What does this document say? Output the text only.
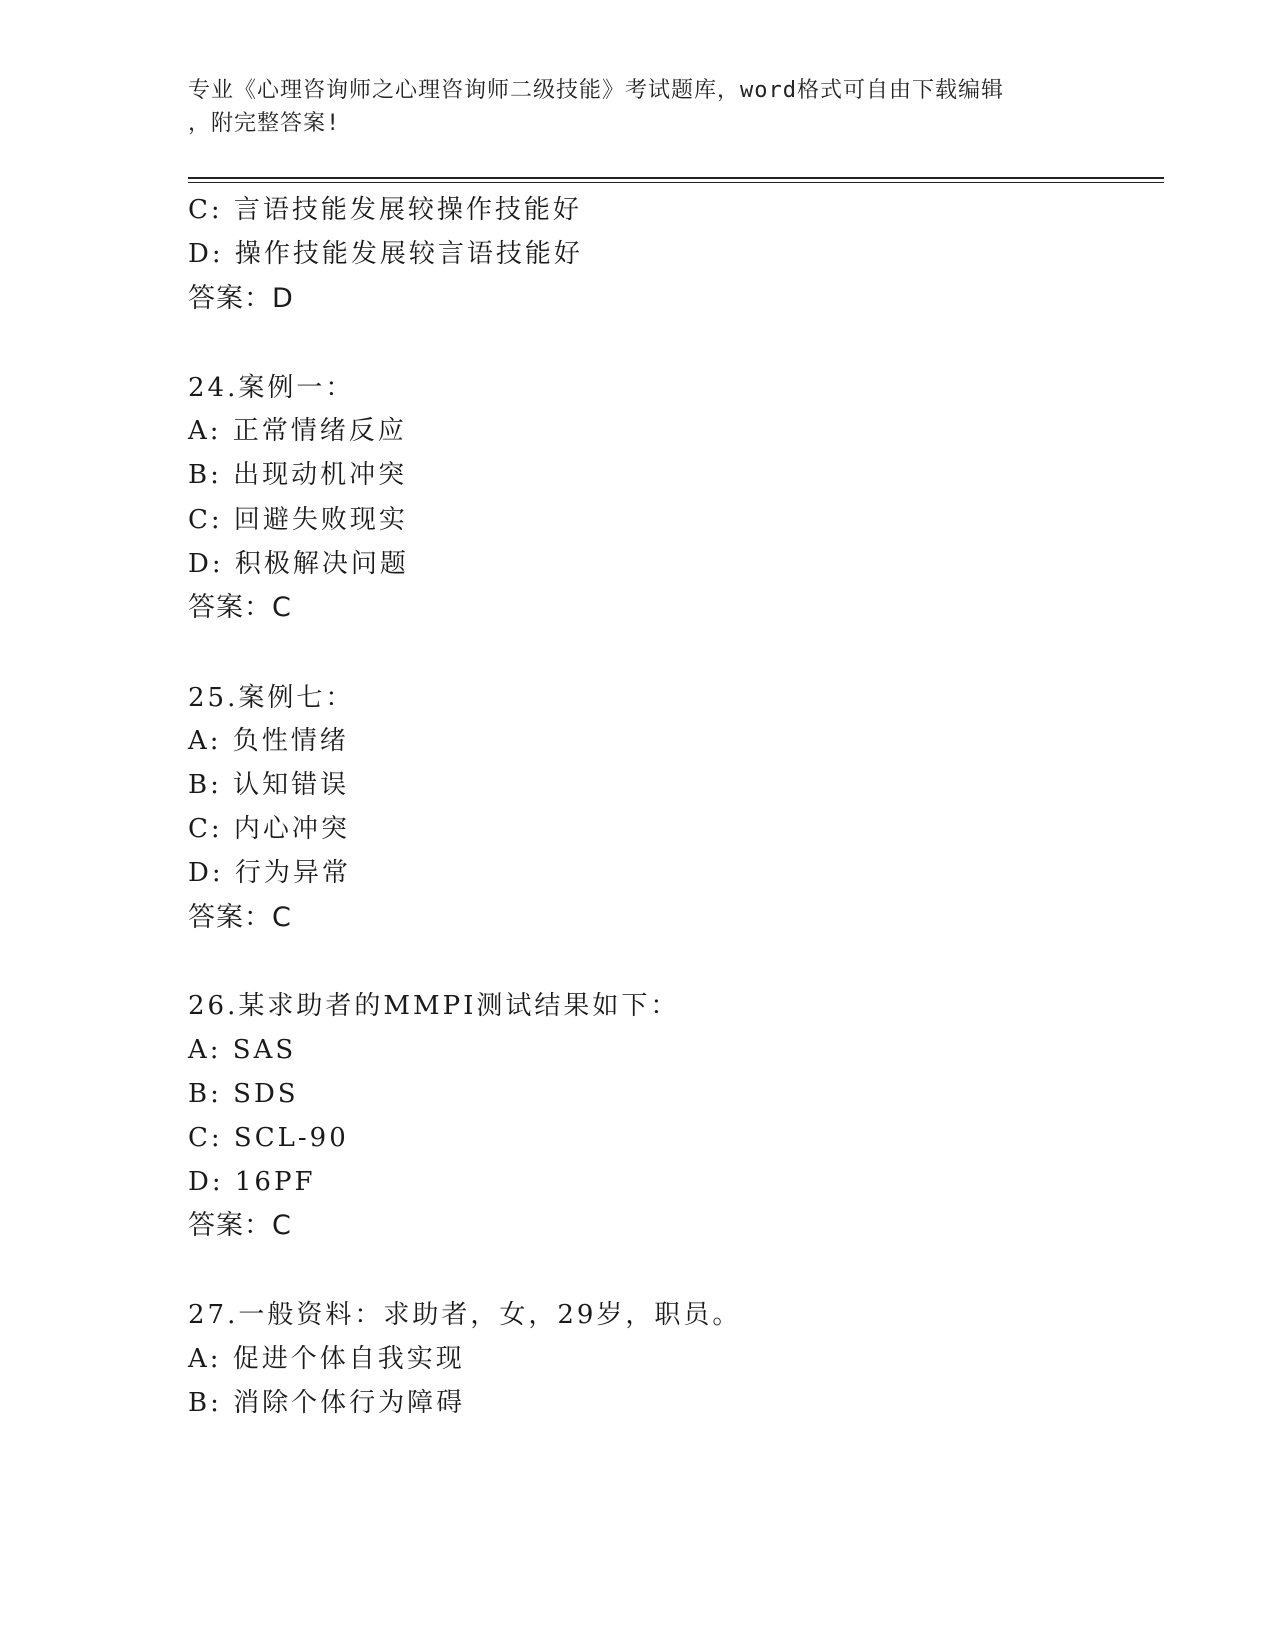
专业《心理咨询师之心理咨询师二级技能》考试题库，word格式可自由下载编辑
，附完整答案!
C: 言语技能发展较操作技能好
D: 操作技能发展较言语技能好
答案：D
24.案例一：
A: 正常情绪反应
B: 出现动机冲突
C: 回避失败现实
D: 积极解决问题
答案：C
25.案例七：
A: 负性情绪
B: 认知错误
C: 内心冲突
D: 行为异常
答案：C
26.某求助者的MMPI测试结果如下：
A: SAS
B: SDS
C: SCL-90
D: 16PF
答案：C
27.一般资料：求助者，女，29岁，职员。
A: 促进个体自我实现
B: 消除个体行为障碍
